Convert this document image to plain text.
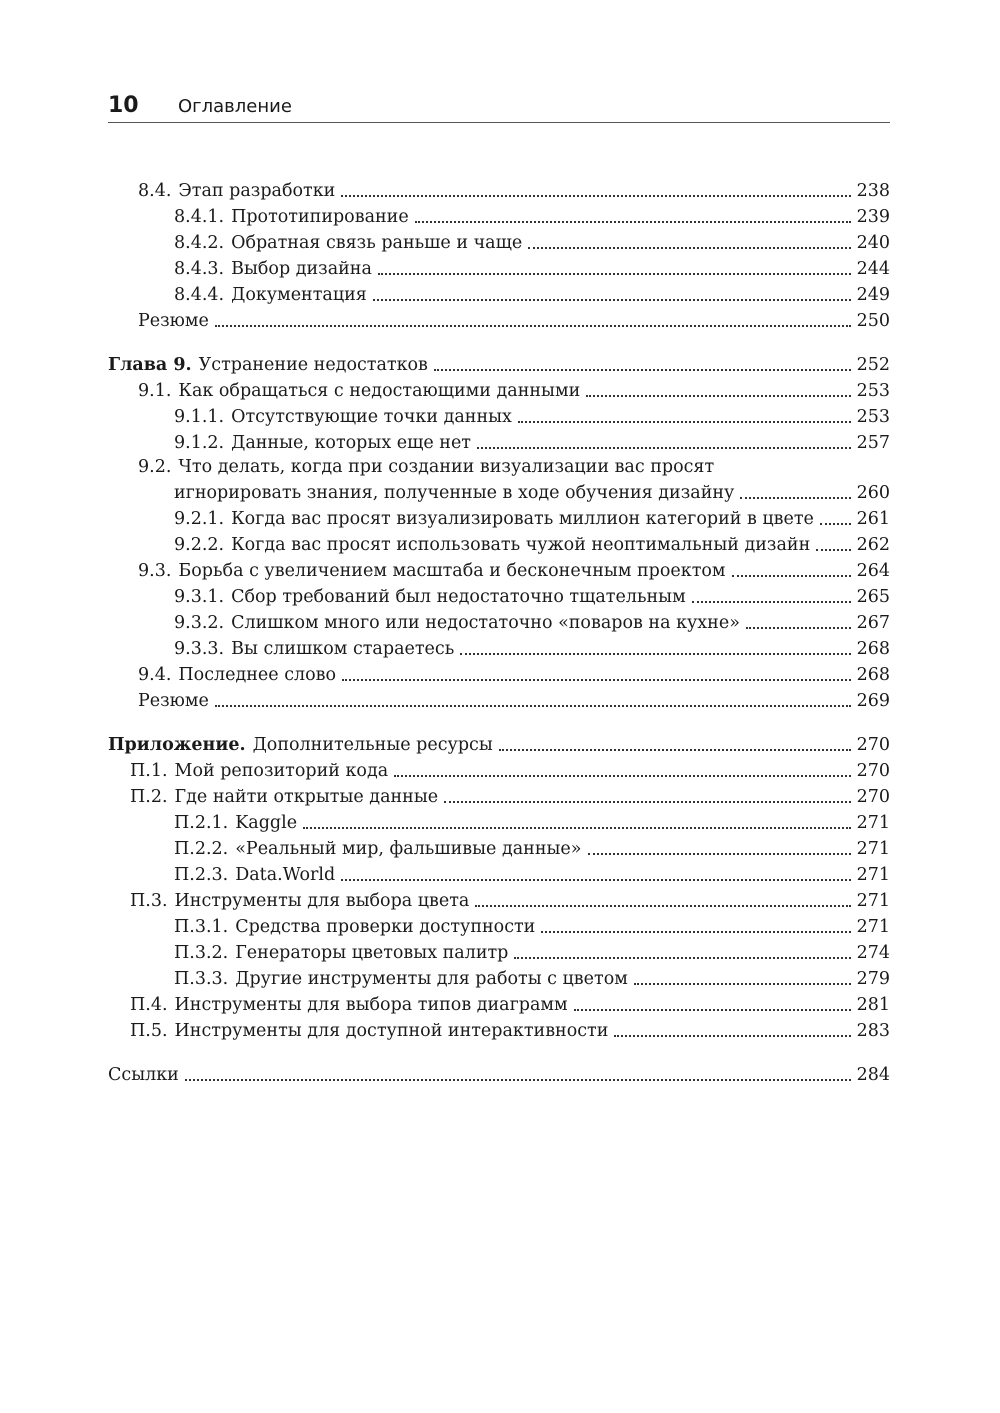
10 Оглавление
8.4. Этап разработки	238
8.4.1. Прототипирование	239
8.4.2. Обратная связь раньше и чаще	240
8.4.3. Выбор дизайна	244
8.4.4. Документация	249
Резюме	250
Глава 9. Устранение недостатков	252
9.1. Как обращаться с недостающими данными	253
9.1.1. Отсутствующие точки данных	253
9.1.2. Данные, которых еще нет	257
9.2. Что делать, когда при создании визуализации вас просят
игнорировать знания, полученные в ходе обучения дизайну	260
9.2.1. Когда вас просят визуализировать миллион категорий в цвете 261
9.2.2. Когда вас просят использовать чужой неоптимальный дизайн	262
9.3. Борьба с увеличением масштаба и бесконечным проектом	264
9.3.1. Сбор требований был недостаточно тщательным	265
9.3.2. Слишком много или недостаточно «поваров на кухне»	267
9.3.3. Вы слишком стараетесь	268
9.4. Последнее слово	268
Резюме	269
Приложение. Дополнительные ресурсы	270
П.1. Мой репозиторий кода	270
П.2. Где найти открытые данные	270
П.2.1. Kaggle	271
П.2.2. «Реальный мир, фальшивые данные»	271
П.2.3. Data.World	271
П.3. Инструменты для выбора цвета	271
П.3.1. Средства проверки доступности	271
П.3.2. Генераторы цветовых палитр	274
П.3.3. Другие инструменты для работы с цветом	279
П.4. Инструменты для выбора типов диаграмм	281
П.5. Инструменты для доступной интерактивности	283
Ссылки	284
